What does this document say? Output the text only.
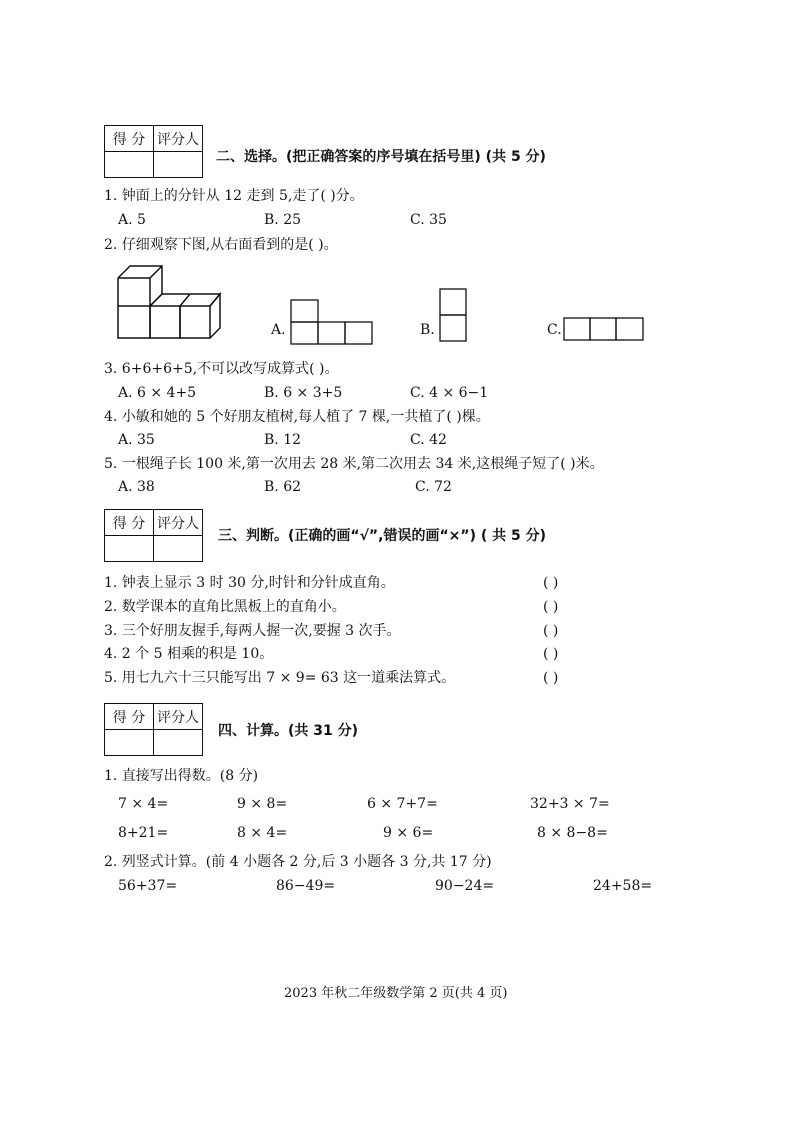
得 分	评分人

二、选择。(把正确答案的序号填在括号里) (共 5 分)
1. 钟面上的分针从 12 走到 5,走了( )分。
A. 5	B. 25	C. 35
2. 仔细观察下图,从右面看到的是( )。
A.	B.	C.
3. 6+6+6+5,不可以改写成算式( )。
A. 6 × 4+5	B. 6 × 3+5	C. 4 × 6−1
4. 小敏和她的 5 个好朋友植树,每人植了 7 棵,一共植了( )棵。
A. 35	B. 12	C. 42
5. 一根绳子长 100 米,第一次用去 28 米,第二次用去 34 米,这根绳子短了( )米。
A. 38	B. 62	C. 72
得 分	评分人

三、判断。(正确的画“√”,错误的画“×”) ( 共 5 分)
1. 钟表上显示 3 时 30 分,时针和分针成直角。	( )
2. 数学课本的直角比黑板上的直角小。	( )
3. 三个好朋友握手,每两人握一次,要握 3 次手。	( )
4. 2 个 5 相乘的积是 10。	( )
5. 用七九六十三只能写出 7 × 9= 63 这一道乘法算式。	( )
得 分	评分人

四、计算。(共 31 分)
1. 直接写出得数。(8 分)
7 × 4=	9 × 8=	6 × 7+7=	32+3 × 7=
8+21=	8 × 4=	9 × 6=	8 × 8−8=
2. 列竖式计算。(前 4 小题各 2 分,后 3 小题各 3 分,共 17 分)
56+37=	86−49=	90−24=	24+58=
2023 年秋二年级数学第 2 页(共 4 页)
